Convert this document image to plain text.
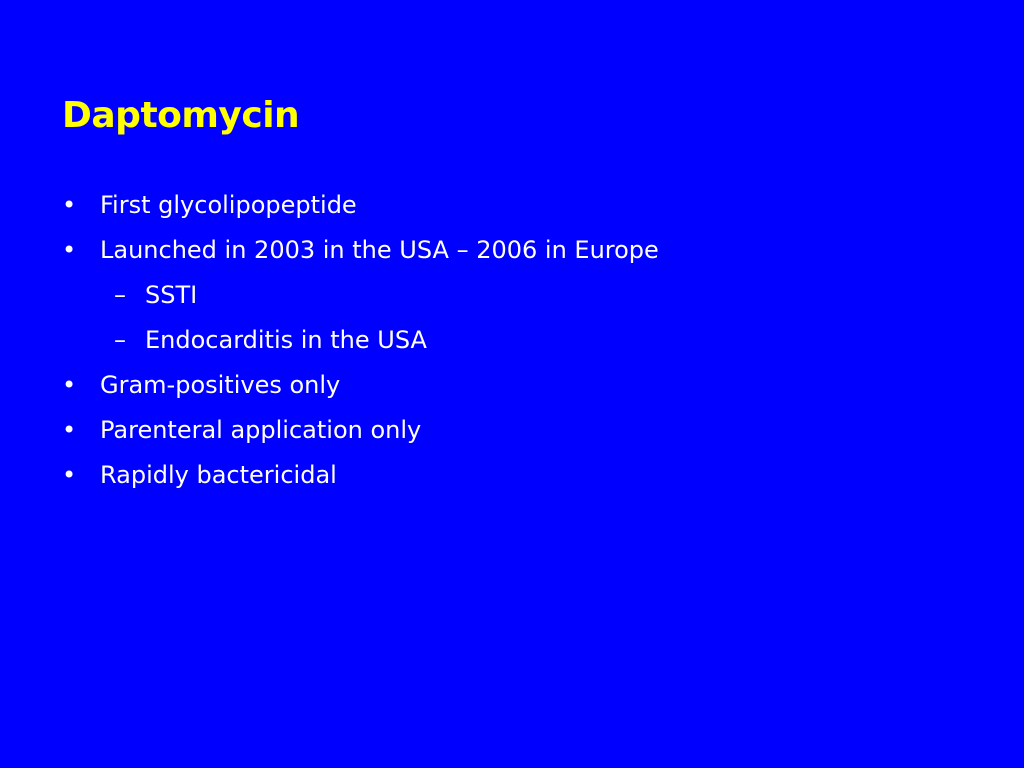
Daptomycin
• First glycolipopeptide
• Launched in 2003 in the USA – 2006 in Europe
– SSTI
– Endocarditis in the USA
• Gram-positives only
• Parenteral application only
• Rapidly bactericidal
